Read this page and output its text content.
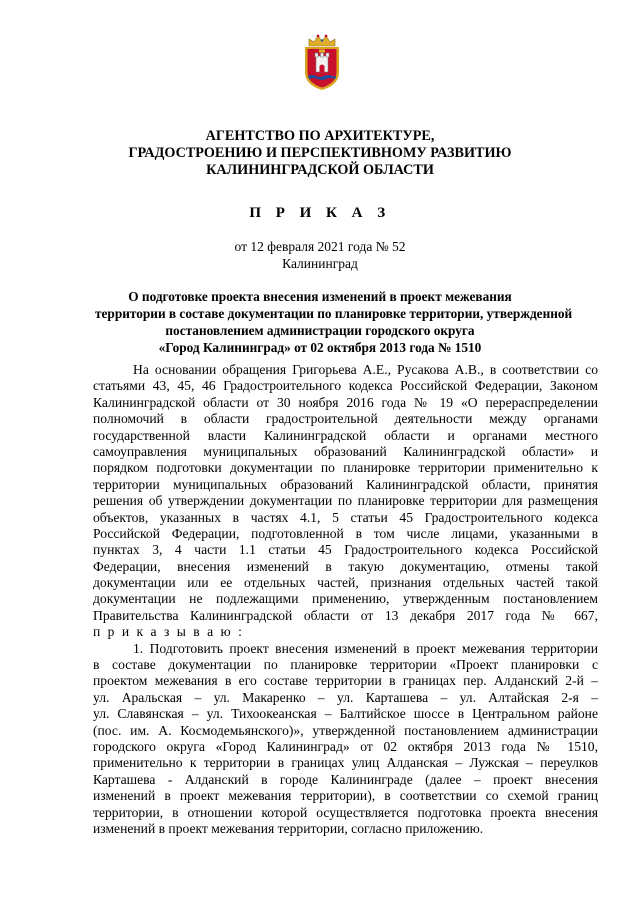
АГЕНТСТВО ПО АРХИТЕКТУРЕ,
ГРАДОСТРОЕНИЮ И ПЕРСПЕКТИВНОМУ РАЗВИТИЮ
КАЛИНИНГРАДСКОЙ ОБЛАСТИ
П Р И К А З
от 12 февраля 2021 года № 52
Калининград
О подготовке проекта внесения изменений в проект межевания
территории в составе документации по планировке территории, утвержденной
постановлением администрации городского округа
«Город Калининград» от 02 октября 2013 года № 1510
На основании обращения Григорьева А.Е., Русакова А.В., в соответствии со
статьями 43, 45, 46 Градостроительного кодекса Российской Федерации, Законом
Калининградской области от 30 ноября 2016 года № 19 «О перераспределении
полномочий в области градостроительной деятельности между органами
государственной власти Калининградской области и органами местного
самоуправления муниципальных образований Калининградской области» и
порядком подготовки документации по планировке территории применительно к
территории муниципальных образований Калининградской области, принятия
решения об утверждении документации по планировке территории для размещения
объектов, указанных в частях 4.1, 5 статьи 45 Градостроительного кодекса
Российской Федерации, подготовленной в том числе лицами, указанными в
пунктах 3, 4 части 1.1 статьи 45 Градостроительного кодекса Российской
Федерации, внесения изменений в такую документацию, отмены такой
документации или ее отдельных частей, признания отдельных частей такой
документации не подлежащими применению, утвержденным постановлением
Правительства Калининградской области от 13 декабря 2017 года № 667,
п р и к а з ы в а ю :
1. Подготовить проект внесения изменений в проект межевания территории
в составе документации по планировке территории «Проект планировки с
проектом межевания в его составе территории в границах пер. Алданский 2-й –
ул. Аральская – ул. Макаренко – ул. Карташева – ул. Алтайская 2-я –
ул. Славянская – ул. Тихоокеанская – Балтийское шоссе в Центральном районе
(пос. им. А. Космодемьянского)», утвержденной постановлением администрации
городского округа «Город Калининград» от 02 октября 2013 года № 1510,
применительно к территории в границах улиц Алданская – Лужская – переулков
Карташева - Алданский в городе Калининграде (далее – проект внесения
изменений в проект межевания территории), в соответствии со схемой границ
территории, в отношении которой осуществляется подготовка проекта внесения
изменений в проект межевания территории, согласно приложению.
